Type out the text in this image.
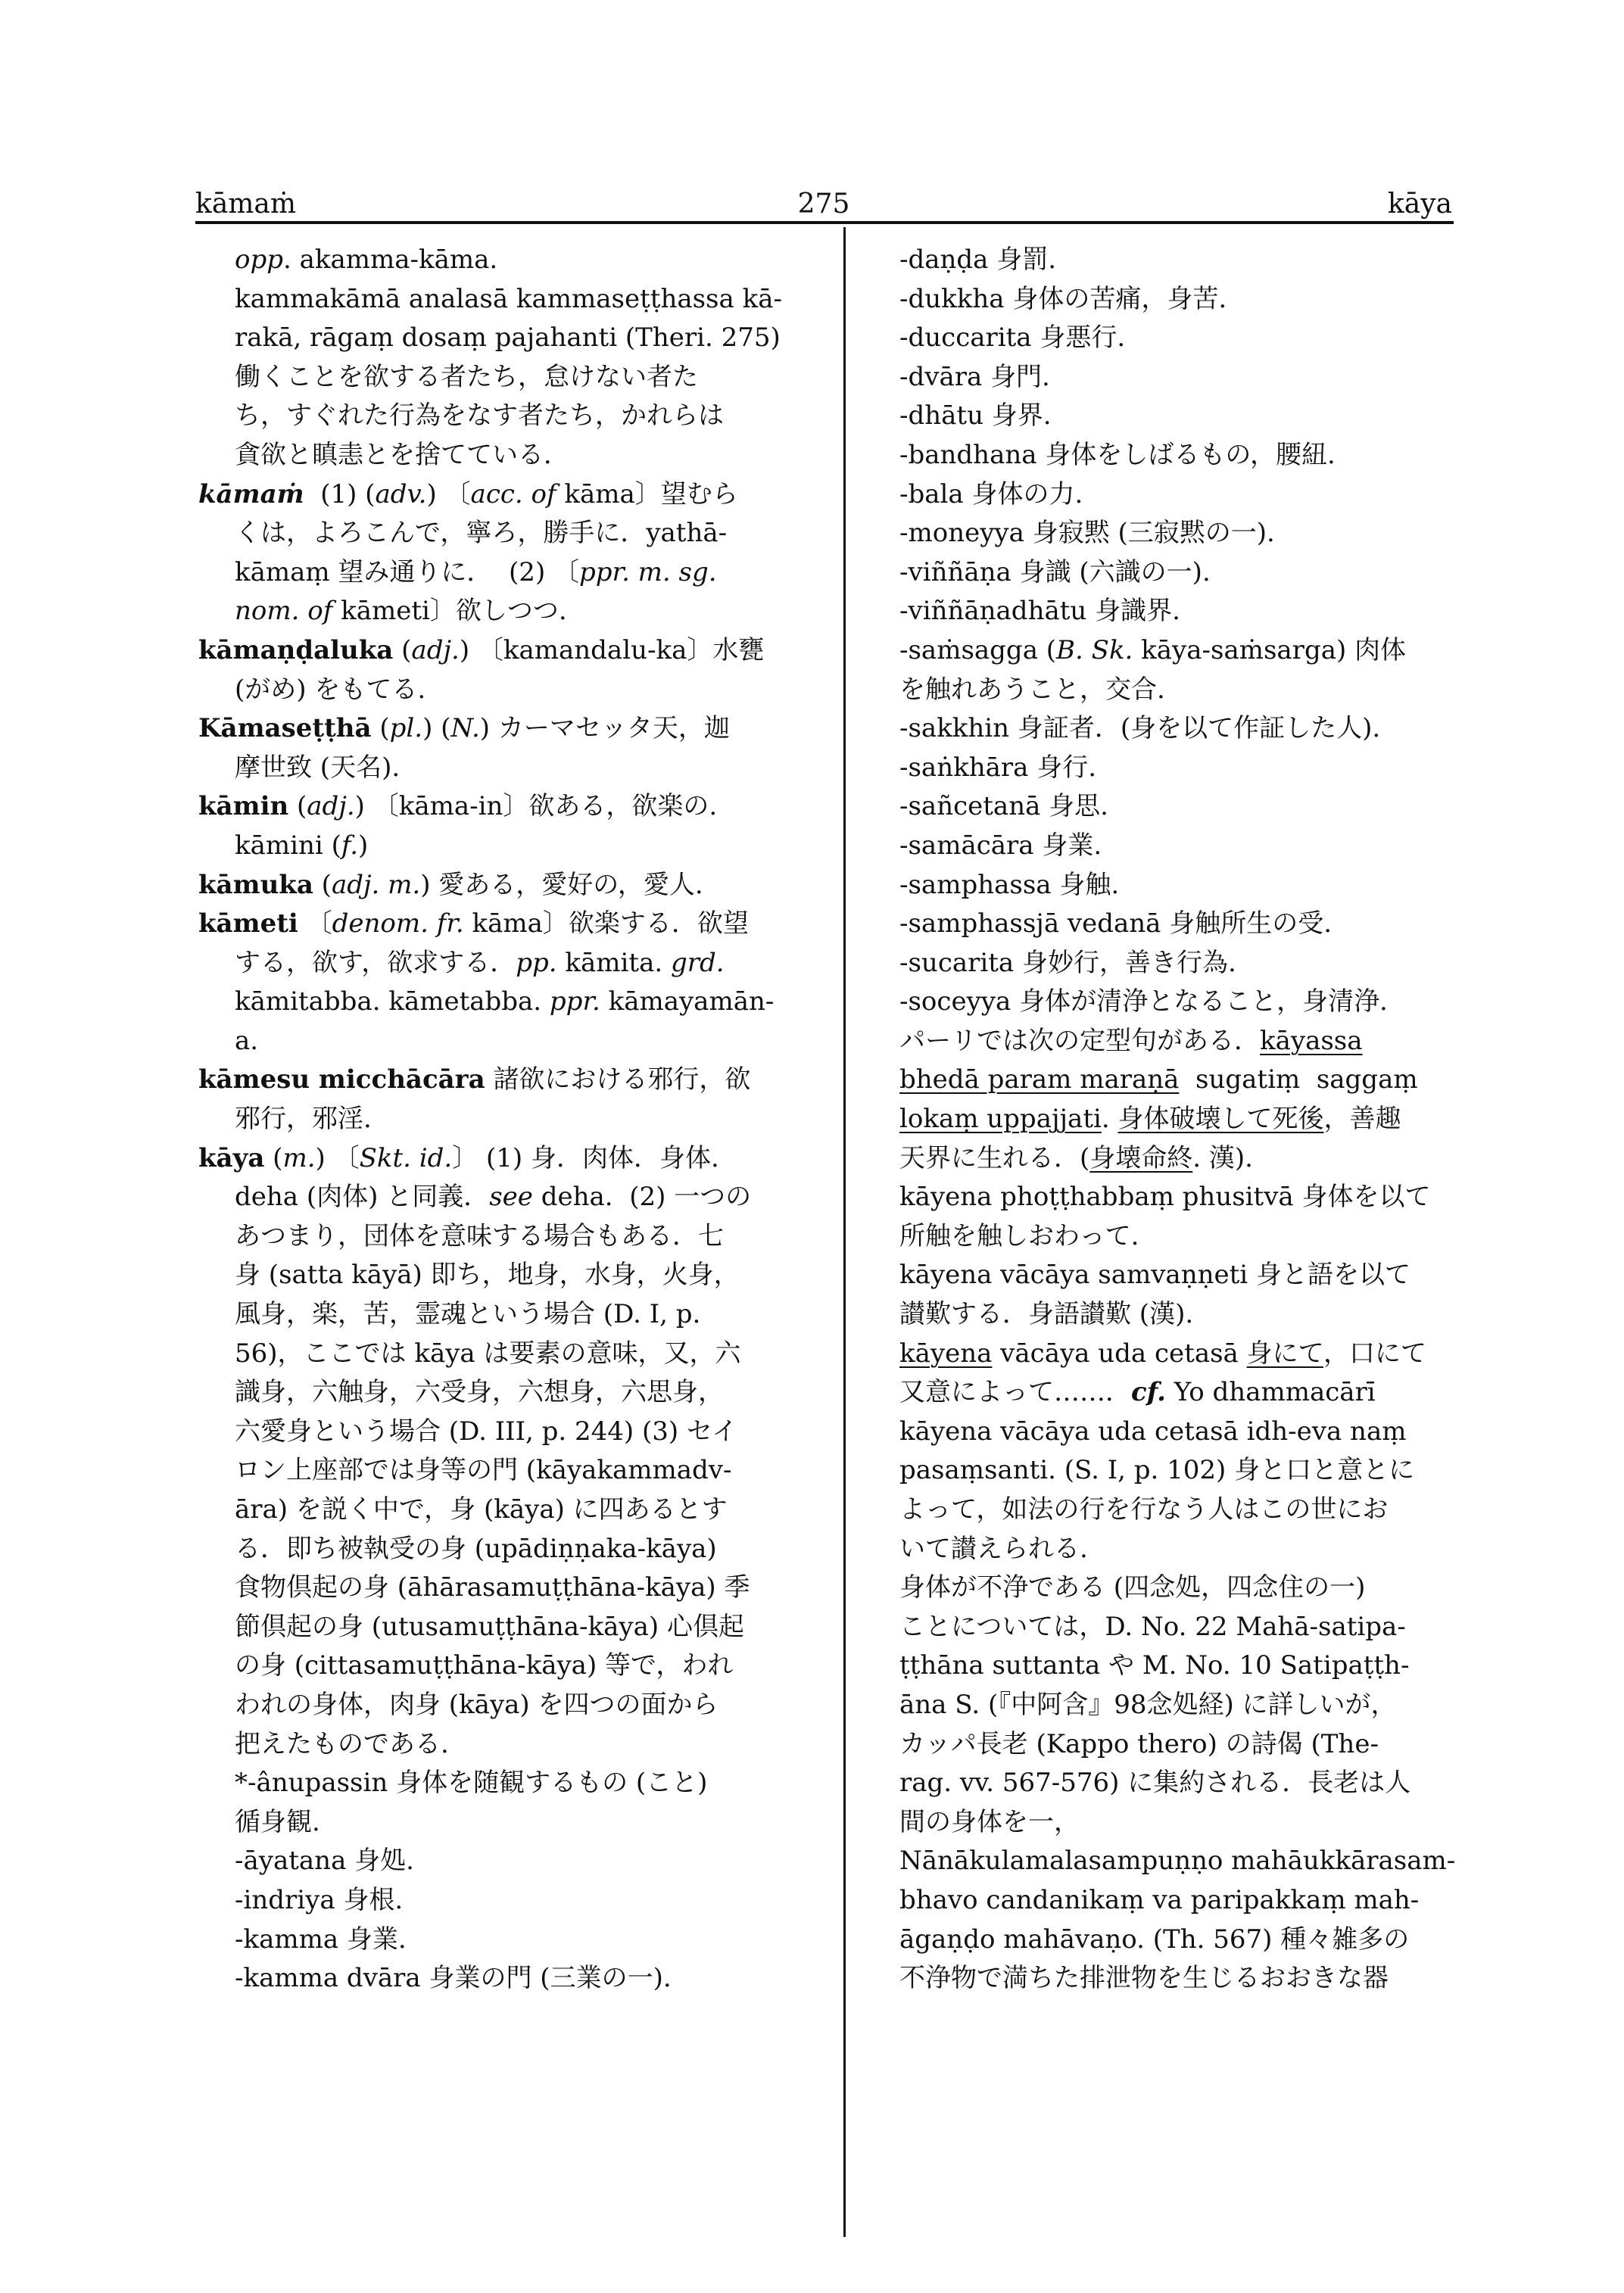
kāmaṁ	275	kāya
opp. akamma-kāma.
kammakāmā analasā kammaseṭṭhassa kā-
rakā, rāgaṃ dosaṃ pajahanti (Theri. 275)
働くことを欲する者たち，怠けない者た
ち，すぐれた行為をなす者たち，かれらは
貪欲と瞋恚とを捨てている．
kāmaṁ  (1) (adv.) 〔acc. of kāma〕望むら
くは，よろこんで，寧ろ，勝手に．yathā-
kāmaṃ 望み通りに．  (2) 〔ppr. m. sg.
nom. of kāmeti〕欲しつつ.
kāmaṇḍaluka (adj.) 〔kamandalu-ka〕水甕
(がめ) をもてる.
Kāmaseṭṭhā (pl.) (N.) カーマセッタ天，迦
摩世致 (天名).
kāmin (adj.) 〔kāma-in〕欲ある，欲楽の.
kāmini (f.)
kāmuka (adj. m.) 愛ある，愛好の，愛人.
kāmeti 〔denom. fr. kāma〕欲楽する．欲望
する，欲す，欲求する．pp. kāmita. grd.
kāmitabba. kāmetabba. ppr. kāmayamān-
a.
kāmesu micchācāra 諸欲における邪行，欲
邪行，邪淫.
kāya (m.) 〔Skt. id.〕 (1) 身．肉体．身体.
deha (肉体) と同義．see deha.  (2) 一つの
あつまり，団体を意味する場合もある．七
身 (satta kāyā) 即ち，地身，水身，火身，
風身，楽，苦，霊魂という場合 (D. I, p.
56)，ここでは kāya は要素の意味，又，六
識身，六触身，六受身，六想身，六思身，
六愛身という場合 (D. III, p. 244) (3) セイ
ロン上座部では身等の門 (kāyakammadv-
āra) を説く中で，身 (kāya) に四あるとす
る．即ち被執受の身 (upādiṇṇaka-kāya)
食物倶起の身 (āhārasamuṭṭhāna-kāya) 季
節倶起の身 (utusamuṭṭhāna-kāya) 心倶起
の身 (cittasamuṭṭhāna-kāya) 等で，われ
われの身体，肉身 (kāya) を四つの面から
把えたものである.
*-ânupassin 身体を随観するもの (こと)
循身観.
-āyatana 身処.
-indriya 身根.
-kamma 身業.
-kamma dvāra 身業の門 (三業の一).
-daṇḍa 身罰.
-dukkha 身体の苦痛，身苦.
-duccarita 身悪行.
-dvāra 身門.
-dhātu 身界.
-bandhana 身体をしばるもの，腰紐.
-bala 身体の力.
-moneyya 身寂黙 (三寂黙の一).
-viññāṇa 身識 (六識の一).
-viññāṇadhātu 身識界.
-saṁsagga (B. Sk. kāya-saṁsarga) 肉体
を触れあうこと，交合.
-sakkhin 身証者．(身を以て作証した人).
-saṅkhāra 身行.
-sañcetanā 身思.
-samācāra 身業.
-samphassa 身触.
-samphassjā vedanā 身触所生の受.
-sucarita 身妙行，善き行為.
-soceyya 身体が清浄となること，身清浄.
パーリでは次の定型句がある．kāyassa
bhedā param maraṇā  sugatiṃ  saggaṃ
lokaṃ uppajjati. 身体破壊して死後，善趣
天界に生れる．(身壊命終. 漢).
kāyena phoṭṭhabbaṃ phusitvā 身体を以て
所触を触しおわって.
kāyena vācāya samvaṇṇeti 身と語を以て
讃歎する．身語讃歎 (漢).
kāyena vācāya uda cetasā 身にて，口にて
又意によって……．cf. Yo dhammacārī
kāyena vācāya uda cetasā idh-eva naṃ
pasaṃsanti. (S. I, p. 102) 身と口と意とに
よって，如法の行を行なう人はこの世にお
いて讃えられる.
身体が不浄である (四念処，四念住の一)
ことについては，D. No. 22 Mahā-satipa-
ṭṭhāna suttanta や M. No. 10 Satipaṭṭh-
āna S. (『中阿含』98念処経) に詳しいが，
カッパ長老 (Kappo thero) の詩偈 (The-
rag. vv. 567-576) に集約される．長老は人
間の身体を一，
Nānākulamalasampuṇṇo mahāukkārasam-
bhavo candanikaṃ va paripakkaṃ mah-
āgaṇḍo mahāvaṇo. (Th. 567) 種々雑多の
不浄物で満ちた排泄物を生じるおおきな器
